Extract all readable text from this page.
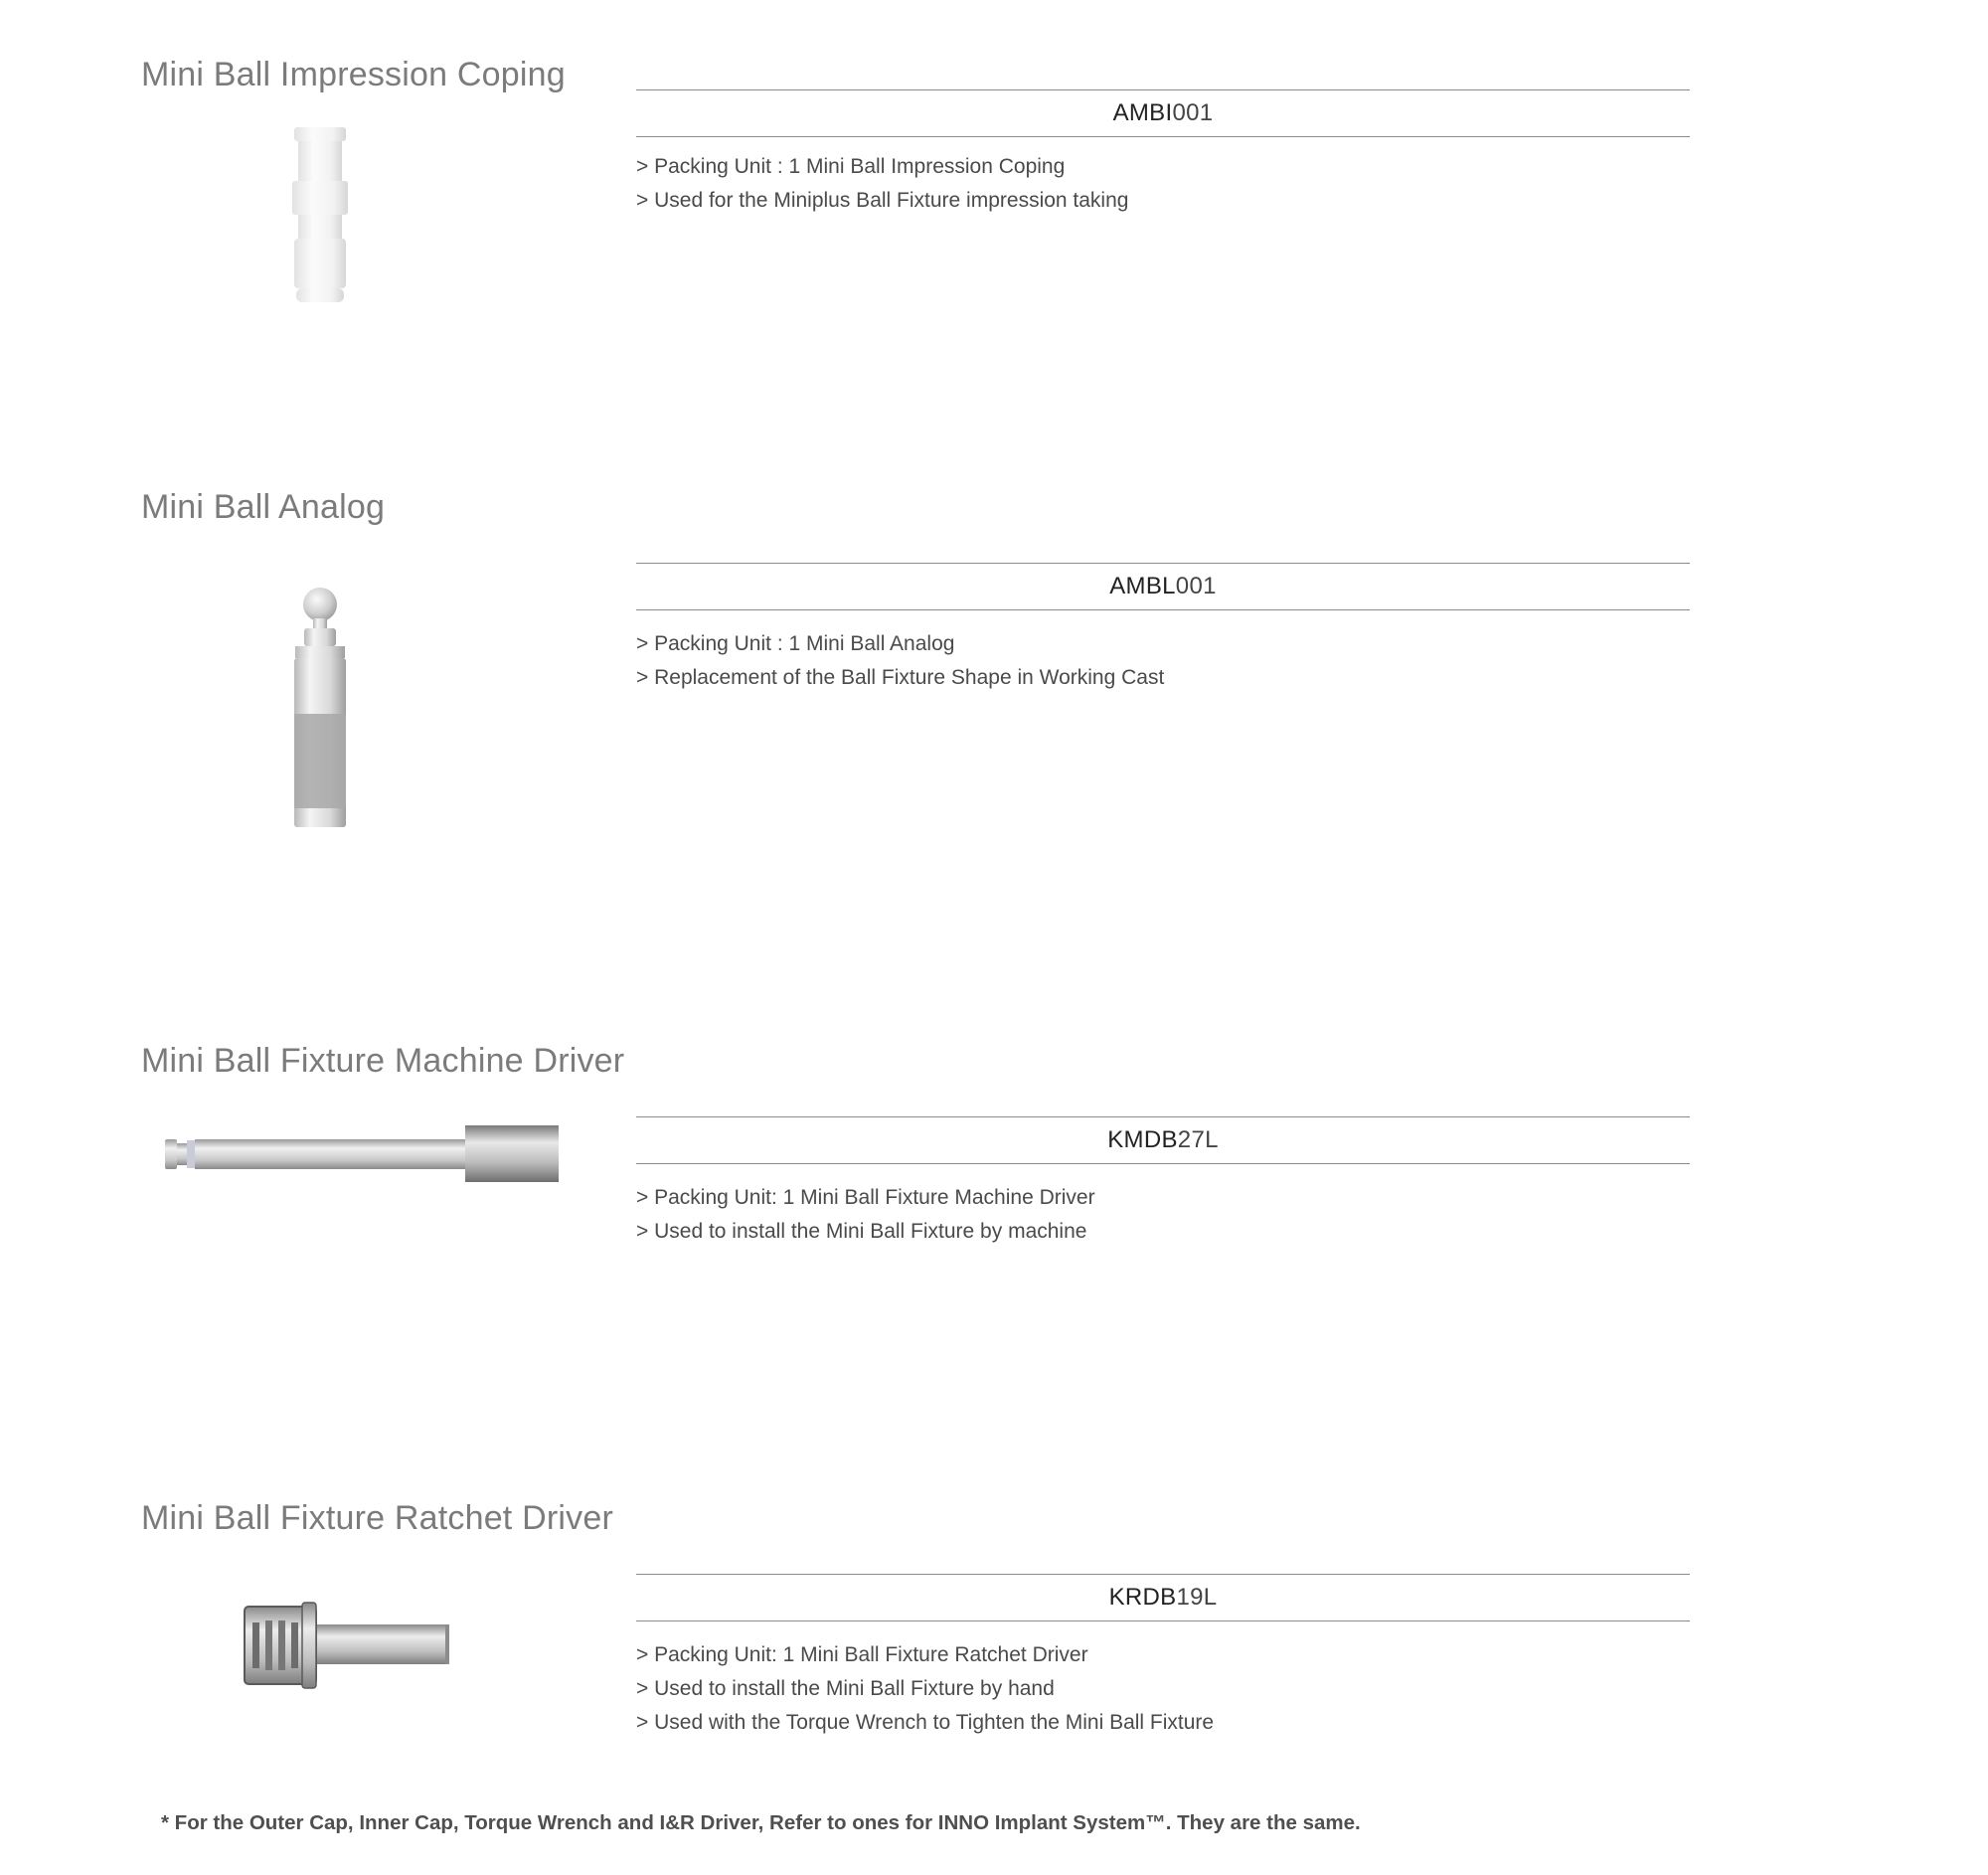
Mini Ball Impression Coping
AMBI 001
> Packing Unit : 1 Mini Ball Impression Coping
> Used for the Miniplus Ball Fixture impression taking
Mini Ball Analog
AMBL 001
> Packing Unit : 1 Mini Ball Analog
> Replacement of the Ball Fixture Shape in Working Cast
Mini Ball Fixture Machine Driver
KMDB 27L
> Packing Unit: 1 Mini Ball Fixture Machine Driver
> Used to install the Mini Ball Fixture by machine
Mini Ball Fixture Ratchet Driver
KRDB 19L
> Packing Unit: 1 Mini Ball Fixture Ratchet Driver
> Used to install the Mini Ball Fixture by hand
> Used with the Torque Wrench to Tighten the Mini Ball Fixture

* For the Outer Cap, Inner Cap, Torque Wrench and I&R Driver, Refer to ones for INNO Implant System™. They are the same.
